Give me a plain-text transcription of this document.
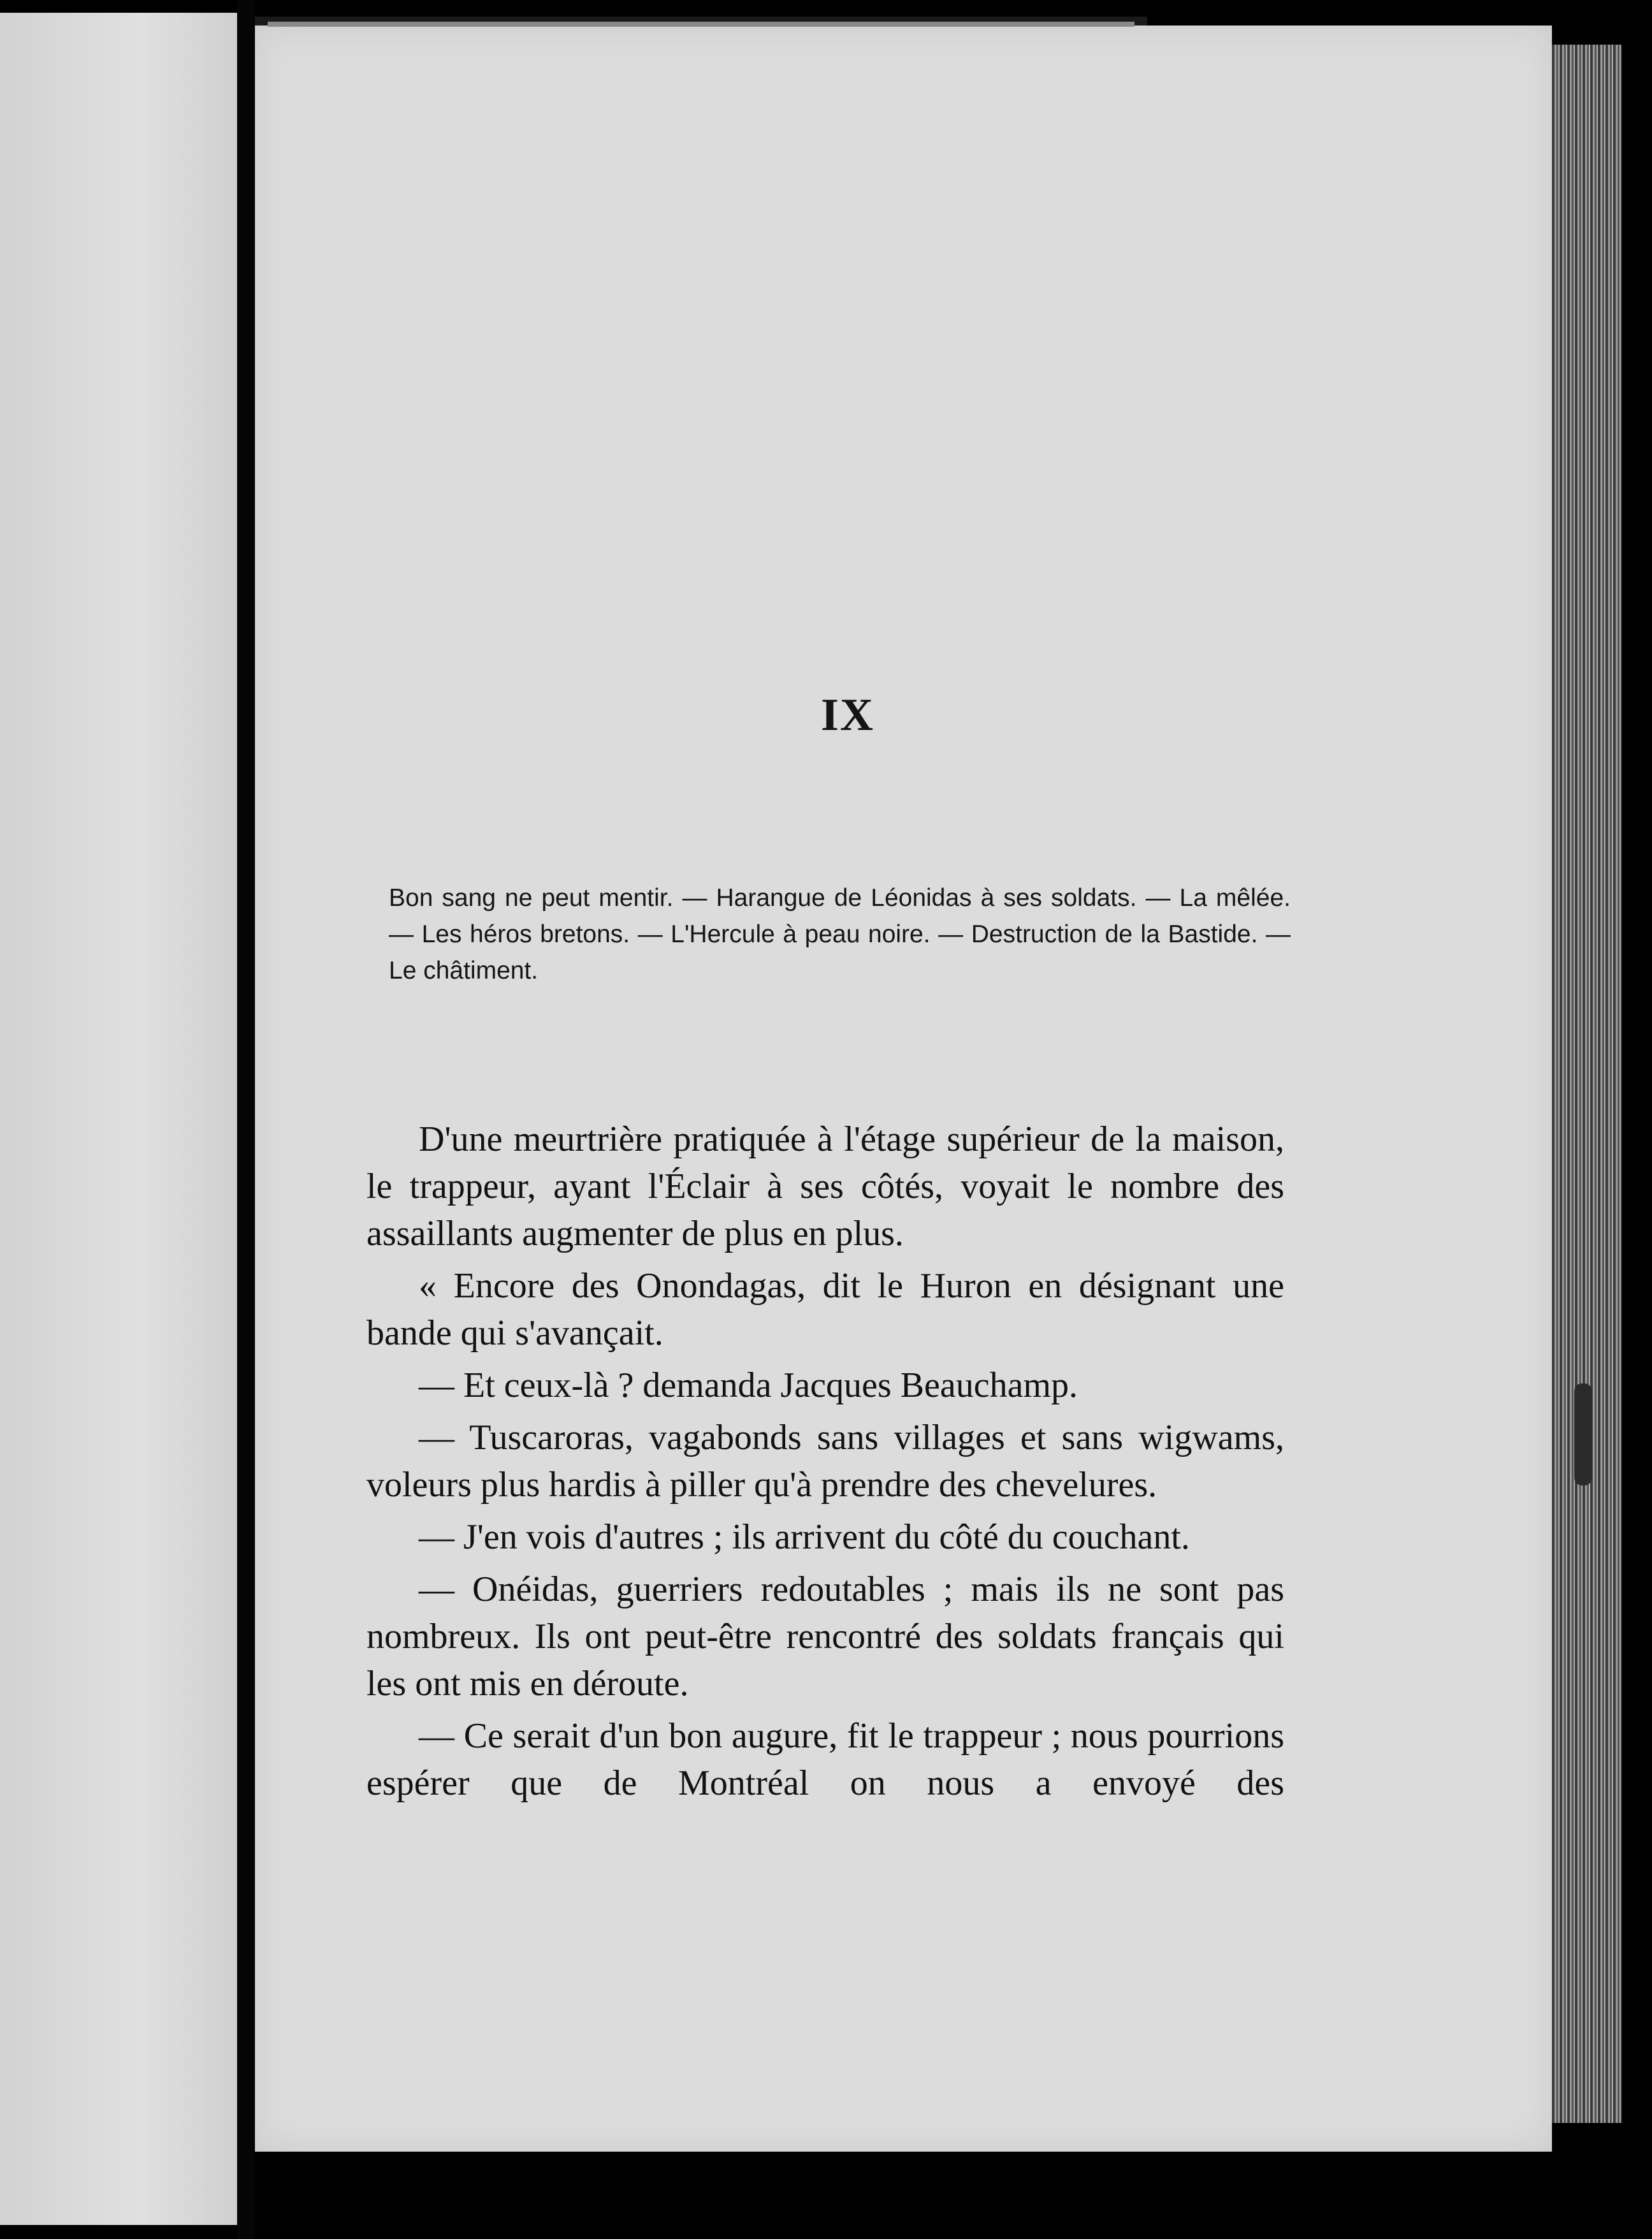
IX
Bon sang ne peut mentir. — Harangue de Léonidas à ses soldats. — La mêlée. — Les héros bretons. — L'Hercule à peau noire. — Destruction de la Bastide. — Le châtiment.

D'une meurtrière pratiquée à l'étage supérieur de la maison, le trappeur, ayant l'Éclair à ses côtés, voyait le nombre des assaillants augmenter de plus en plus.

« Encore des Onondagas, dit le Huron en désignant une bande qui s'avançait.

— Et ceux-là ? demanda Jacques Beauchamp.

— Tuscaroras, vagabonds sans villages et sans wigwams, voleurs plus hardis à piller qu'à prendre des chevelures.

— J'en vois d'autres ; ils arrivent du côté du couchant.

— Onéidas, guerriers redoutables ; mais ils ne sont pas nombreux. Ils ont peut-être rencontré des soldats français qui les ont mis en déroute.

— Ce serait d'un bon augure, fit le trappeur ; nous pourrions espérer que de Montréal on nous a envoyé des
